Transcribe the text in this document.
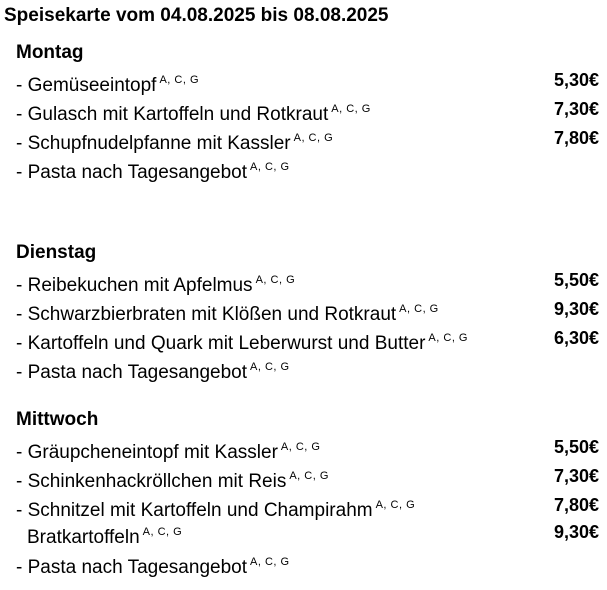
Speisekarte vom 04.08.2025 bis 08.08.2025
Montag
- Gemüseeintopf $^{A, C, G}$	5,30€
- Gulasch mit Kartoffeln und Rotkraut $^{A, C, G}$	7,30€
- Schupfnudelpfanne mit Kassler $^{A, C, G}$	7,80€
- Pasta nach Tagesangebot $^{A, C, G}$
Dienstag
- Reibekuchen mit Apfelmus $^{A, C, G}$	5,50€
- Schwarzbierbraten mit Klößen und Rotkraut $^{A, C, G}$	9,30€
- Kartoffeln und Quark mit Leberwurst und Butter $^{A, C, G}$	6,30€
- Pasta nach Tagesangebot $^{A, C, G}$
Mittwoch
- Gräupcheneintopf mit Kassler $^{A, C, G}$	5,50€
- Schinkenhackröllchen mit Reis $^{A, C, G}$	7,30€
- Schnitzel mit Kartoffeln und Champirahm $^{A, C, G}$	7,80€
Bratkartoffeln $^{A, C, G}$	9,30€
- Pasta nach Tagesangebot $^{A, C, G}$
